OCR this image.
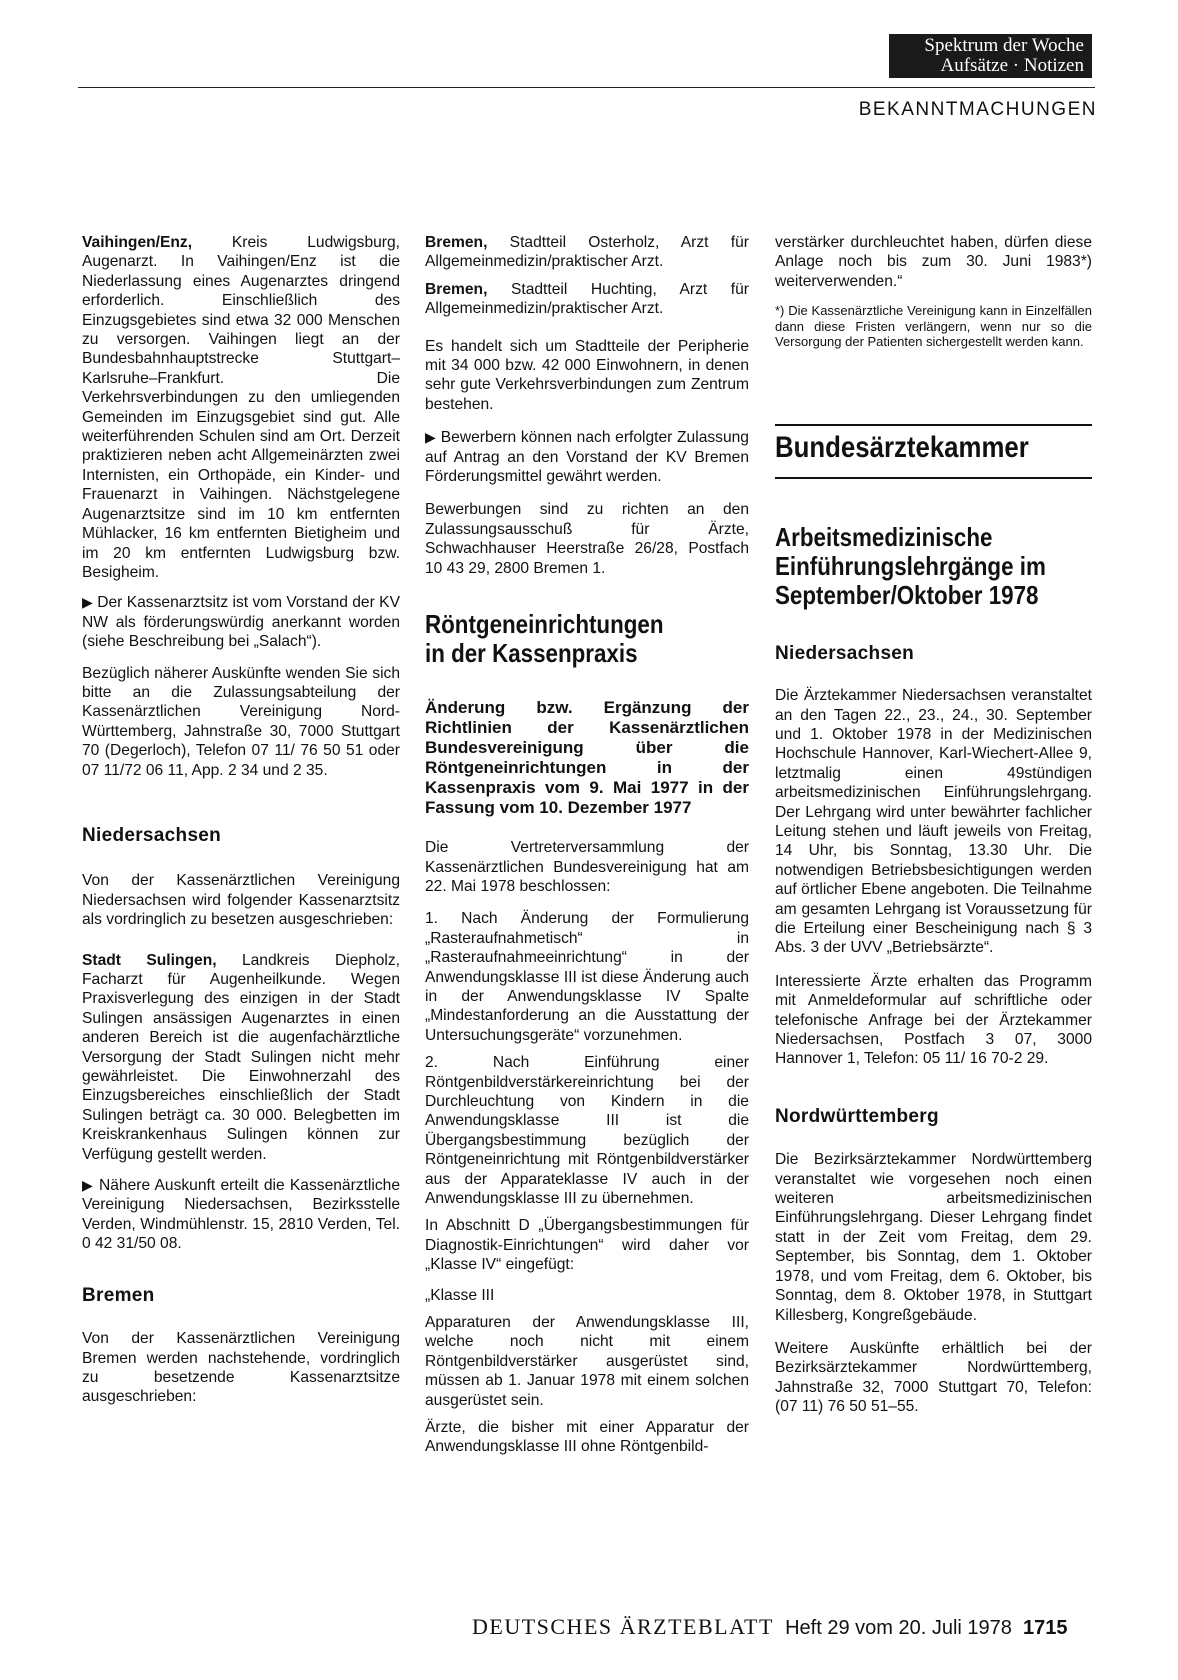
Spektrum der Woche
Aufsätze · Notizen
BEKANNTMACHUNGEN

Vaihingen/Enz, Kreis Ludwigsburg, Augenarzt. In Vaihingen/Enz ist die Niederlassung eines Augenarztes dringend erforderlich. Einschließlich des Einzugsgebietes sind etwa 32 000 Menschen zu versorgen. Vaihingen liegt an der Bundesbahnhauptstrecke Stuttgart–Karlsruhe–Frankfurt. Die Verkehrsverbindungen zu den umliegenden Gemeinden im Einzugsgebiet sind gut. Alle weiterführenden Schulen sind am Ort. Derzeit praktizieren neben acht Allgemeinärzten zwei Internisten, ein Orthopäde, ein Kinder- und Frauenarzt in Vaihingen. Nächstgelegene Augenarztsitze sind im 10 km entfernten Mühlacker, 16 km entfernten Bietigheim und im 20 km entfernten Ludwigsburg bzw. Besigheim.

▶ Der Kassenarztsitz ist vom Vorstand der KV NW als förderungswürdig anerkannt worden (siehe Beschreibung bei „Salach“).

Bezüglich näherer Auskünfte wenden Sie sich bitte an die Zulassungsabteilung der Kassenärztlichen Vereinigung Nord-Württemberg, Jahnstraße 30, 7000 Stuttgart 70 (Degerloch), Telefon 07 11/ 76 50 51 oder 07 11/72 06 11, App. 2 34 und 2 35.

Niedersachsen

Von der Kassenärztlichen Vereinigung Niedersachsen wird folgender Kassenarztsitz als vordringlich zu besetzen ausgeschrieben:

Stadt Sulingen, Landkreis Diepholz, Facharzt für Augenheilkunde. Wegen Praxisverlegung des einzigen in der Stadt Sulingen ansässigen Augenarztes in einen anderen Bereich ist die augenfachärztliche Versorgung der Stadt Sulingen nicht mehr gewährleistet. Die Einwohnerzahl des Einzugsbereiches einschließlich der Stadt Sulingen beträgt ca. 30 000. Belegbetten im Kreiskrankenhaus Sulingen können zur Verfügung gestellt werden.

▶ Nähere Auskunft erteilt die Kassenärztliche Vereinigung Niedersachsen, Bezirksstelle Verden, Windmühlenstr. 15, 2810 Verden, Tel. 0 42 31/50 08.

Bremen

Von der Kassenärztlichen Vereinigung Bremen werden nachstehende, vordringlich zu besetzende Kassenarztsitze ausgeschrieben:

Bremen, Stadtteil Osterholz, Arzt für Allgemeinmedizin/praktischer Arzt.

Bremen, Stadtteil Huchting, Arzt für Allgemeinmedizin/praktischer Arzt.

Es handelt sich um Stadtteile der Peripherie mit 34 000 bzw. 42 000 Einwohnern, in denen sehr gute Verkehrsverbindungen zum Zentrum bestehen.

▶ Bewerbern können nach erfolgter Zulassung auf Antrag an den Vorstand der KV Bremen Förderungsmittel gewährt werden.

Bewerbungen sind zu richten an den Zulassungsausschuß für Ärzte, Schwachhauser Heerstraße 26/28, Postfach 10 43 29, 2800 Bremen 1.

Röntgeneinrichtungen
in der Kassenpraxis

Änderung bzw. Ergänzung der Richtlinien der Kassenärztlichen Bundesvereinigung über die Röntgeneinrichtungen in der Kassenpraxis vom 9. Mai 1977 in der Fassung vom 10. Dezember 1977

Die Vertreterversammlung der Kassenärztlichen Bundesvereinigung hat am 22. Mai 1978 beschlossen:

1. Nach Änderung der Formulierung „Rasteraufnahmetisch“ in „Rasteraufnahmeeinrichtung“ in der Anwendungsklasse III ist diese Änderung auch in der Anwendungsklasse IV Spalte „Mindestanforderung an die Ausstattung der Untersuchungsgeräte“ vorzunehmen.

2. Nach Einführung einer Röntgenbildverstärkereinrichtung bei der Durchleuchtung von Kindern in die Anwendungsklasse III ist die Übergangsbestimmung bezüglich der Röntgeneinrichtung mit Röntgenbildverstärker aus der Apparateklasse IV auch in der Anwendungsklasse III zu übernehmen.

In Abschnitt D „Übergangsbestimmungen für Diagnostik-Einrichtungen“ wird daher vor „Klasse IV“ eingefügt:

„Klasse III

Apparaturen der Anwendungsklasse III, welche noch nicht mit einem Röntgenbildverstärker ausgerüstet sind, müssen ab 1. Januar 1978 mit einem solchen ausgerüstet sein.

Ärzte, die bisher mit einer Apparatur der Anwendungsklasse III ohne Röntgenbild-

verstärker durchleuchtet haben, dürfen diese Anlage noch bis zum 30. Juni 1983*) weiterverwenden.“

*) Die Kassenärztliche Vereinigung kann in Einzelfällen dann diese Fristen verlängern, wenn nur so die Versorgung der Patienten sichergestellt werden kann.

Bundesärztekammer
Arbeitsmedizinische
Einführungslehrgänge im
September/Oktober 1978
Niedersachsen

Die Ärztekammer Niedersachsen veranstaltet an den Tagen 22., 23., 24., 30. September und 1. Oktober 1978 in der Medizinischen Hochschule Hannover, Karl-Wiechert-Allee 9, letztmalig einen 49stündigen arbeitsmedizinischen Einführungslehrgang. Der Lehrgang wird unter bewährter fachlicher Leitung stehen und läuft jeweils von Freitag, 14 Uhr, bis Sonntag, 13.30 Uhr. Die notwendigen Betriebsbesichtigungen werden auf örtlicher Ebene angeboten. Die Teilnahme am gesamten Lehrgang ist Voraussetzung für die Erteilung einer Bescheinigung nach § 3 Abs. 3 der UVV „Betriebsärzte“.

Interessierte Ärzte erhalten das Programm mit Anmeldeformular auf schriftliche oder telefonische Anfrage bei der Ärztekammer Niedersachsen, Postfach 3 07, 3000 Hannover 1, Telefon: 05 11/ 16 70-2 29.

Nordwürttemberg

Die Bezirksärztekammer Nordwürttemberg veranstaltet wie vorgesehen noch einen weiteren arbeitsmedizinischen Einführungslehrgang. Dieser Lehrgang findet statt in der Zeit vom Freitag, dem 29. September, bis Sonntag, dem 1. Oktober 1978, und vom Freitag, dem 6. Oktober, bis Sonntag, dem 8. Oktober 1978, in Stuttgart Killesberg, Kongreßgebäude.

Weitere Auskünfte erhältlich bei der Bezirksärztekammer Nordwürttemberg, Jahnstraße 32, 7000 Stuttgart 70, Telefon: (07 11) 76 50 51–55.

DEUTSCHES ÄRZTEBLATT Heft 29 vom 20. Juli 1978 1715
